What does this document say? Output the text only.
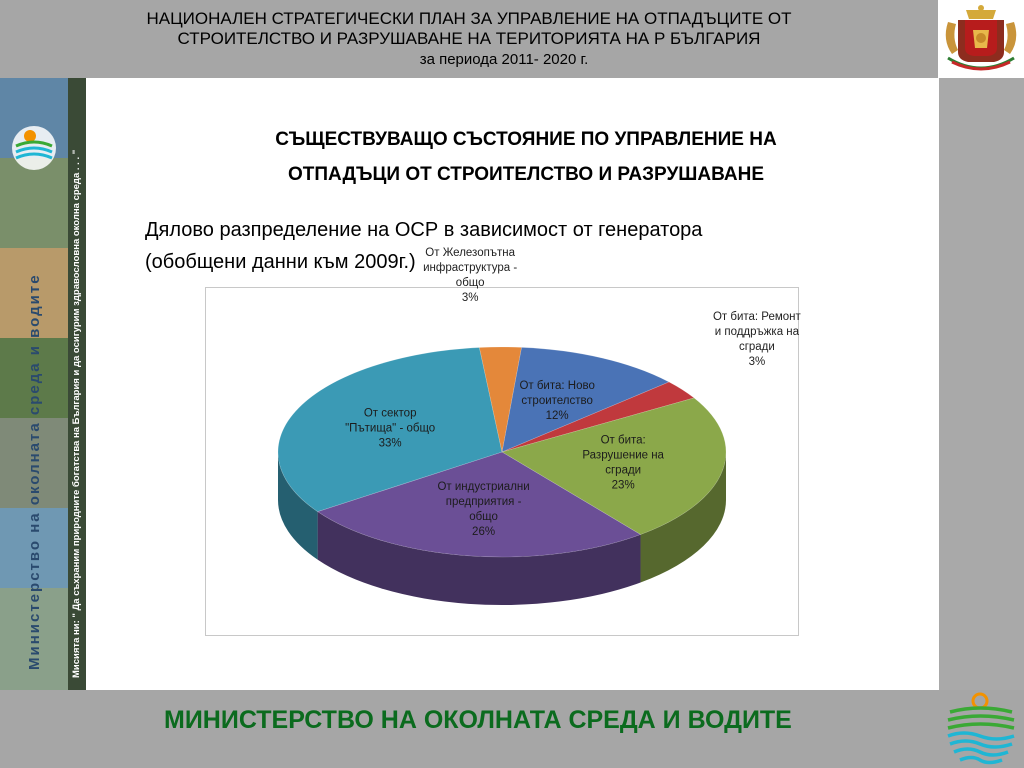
НАЦИОНАЛЕН СТРАТЕГИЧЕСКИ ПЛАН ЗА УПРАВЛЕНИЕ НА ОТПАДЪЦИТЕ ОТ
СТРОИТЕЛСТВО И РАЗРУШАВАНЕ НА ТЕРИТОРИЯТА НА Р БЪЛГАРИЯ
за периода 2011- 2020 г.
Министерство на околната среда и водите	Мисията ни: " Да съхраним природните богатства на България и да осигурим здравословна околна среда . . . "
СЪЩЕСТВУВАЩО СЪСТОЯНИЕ ПО УПРАВЛЕНИЕ НА
ОТПАДЪЦИ ОТ СТРОИТЕЛСТВО И РАЗРУШАВАНЕ
Дялово разпределение на ОСР в зависимост от генератора
(обобщени данни към 2009г.)
От бита: Ново строителство 12%
От бита: Ремонт и поддръжка на сгради 3%
От бита: Разрушение на сгради 23%
От индустриални предприятия -общо 26%
От сектор "Пътища" - общо 33%
От Железопътна инфраструктура -общо 3%
МИНИСТЕРСТВО НА ОКОЛНАТА СРЕДА И ВОДИТЕ
